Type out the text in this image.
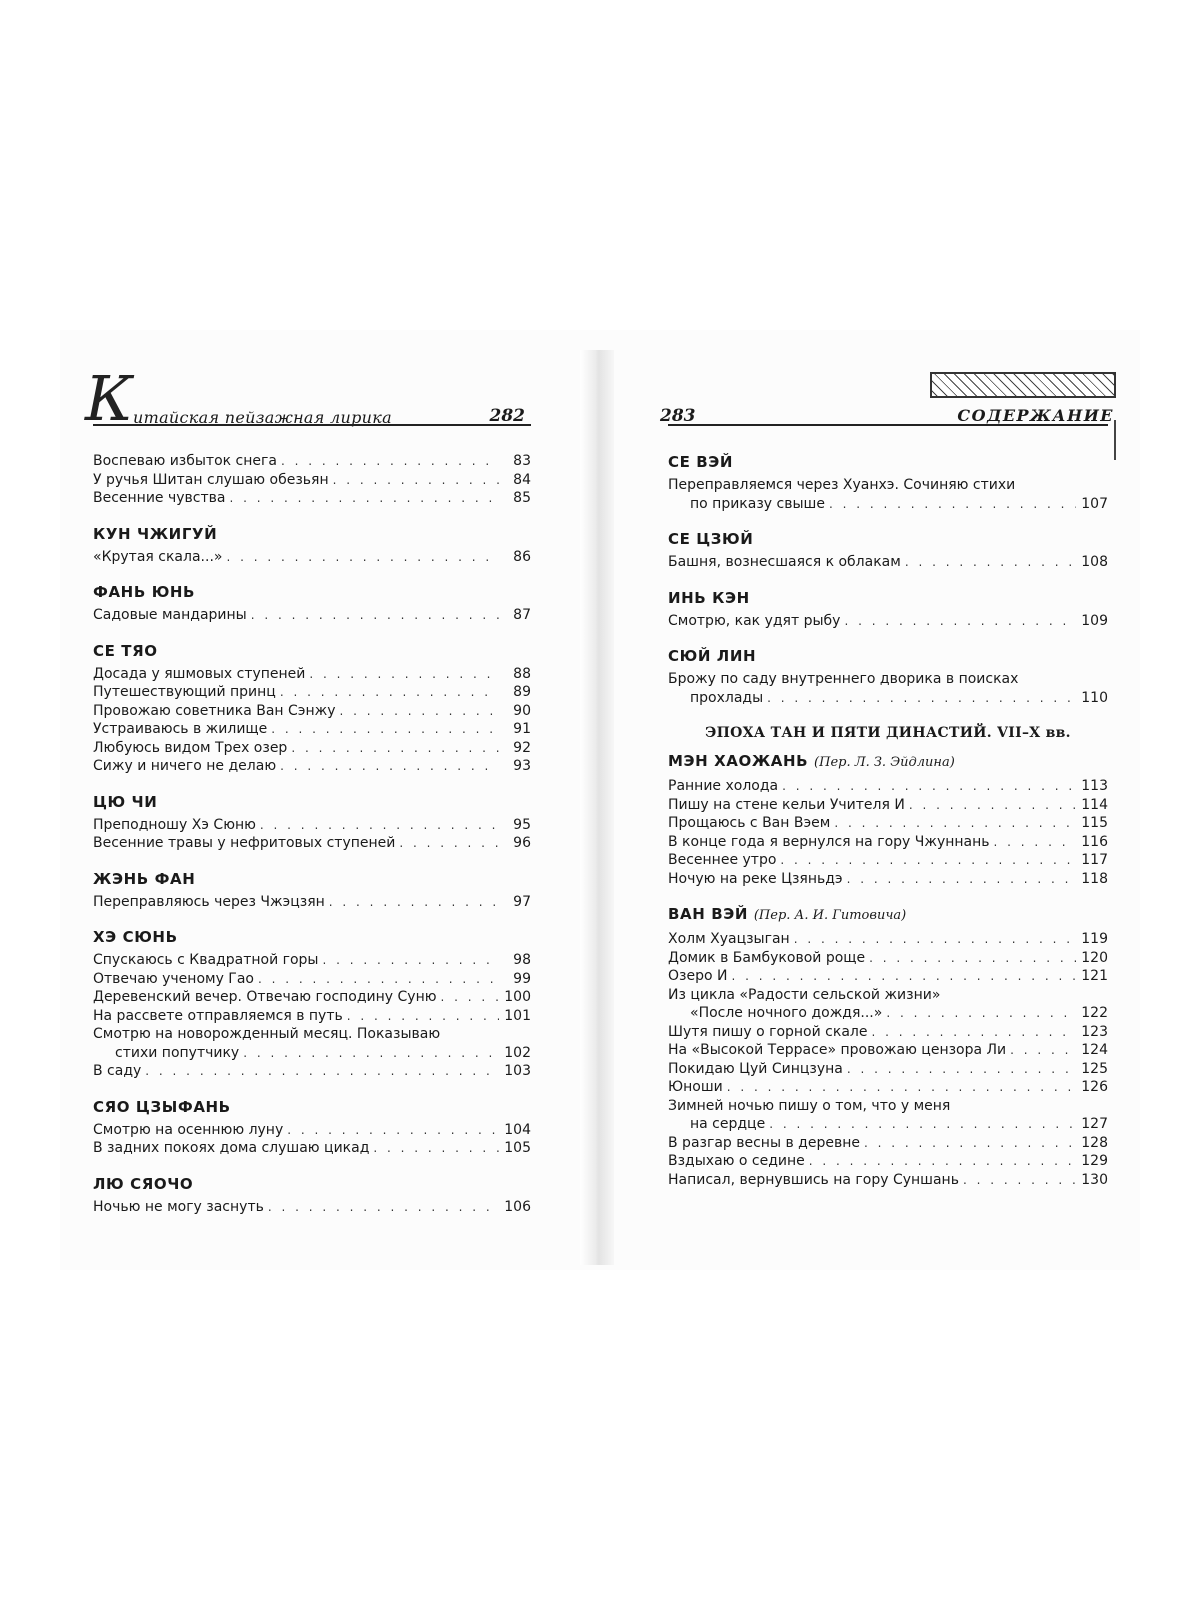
К итайская пейзажная лирика	282
Воспеваю избыток снега . . .	83
У ручья Шитан слушаю обезьян . . .	84
Весенние чувства . . .	85
КУН ЧЖИГУЙ
«Крутая скала...» . . .	86
ФАНЬ ЮНЬ
Садовые мандарины . . .	87
СЕ ТЯО
Досада у яшмовых ступеней . . .	88
Путешествующий принц . . .	89
Провожаю советника Ван Сэнжу . . .	90
Устраиваюсь в жилище . . .	91
Любуюсь видом Трех озер . . .	92
Сижу и ничего не делаю . . .	93
ЦЮ ЧИ
Преподношу Хэ Сюню . . .	95
Весенние травы у нефритовых ступеней . . .	96
ЖЭНЬ ФАН
Переправляюсь через Чжэцзян . . .	97
ХЭ СЮНЬ
Спускаюсь с Квадратной горы . . .	98
Отвечаю ученому Гао . . .	99
Деревенский вечер. Отвечаю господину Суню . . .	100
На рассвете отправляемся в путь . . .	101
Смотрю на новорожденный месяц. Показываю
стихи попутчику . . .	102
В саду . . .	103
СЯО ЦЗЫФАНЬ
Смотрю на осеннюю луну . . .	104
В задних покоях дома слушаю цикад . . .	105
ЛЮ СЯОЧО
Ночью не могу заснуть . . .	106
283	СОДЕРЖАНИЕ
СЕ ВЭЙ
Переправляемся через Хуанхэ. Сочиняю стихи
по приказу свыше . . .	107
СЕ ЦЗЮЙ
Башня, вознесшаяся к облакам . . .	108
ИНЬ КЭН
Смотрю, как удят рыбу . . .	109
СЮЙ ЛИН
Брожу по саду внутреннего дворика в поисках
прохлады . . .	110
ЭПОХА ТАН И ПЯТИ ДИНАСТИЙ. VII–X вв.
МЭН ХАОЖАНЬ (Пер. Л. З. Эйдлина)
Ранние холода . . .	113
Пишу на стене кельи Учителя И . . .	114
Прощаюсь с Ван Вэем . . .	115
В конце года я вернулся на гору Чжуннань . . .	116
Весеннее утро . . .	117
Ночую на реке Цзяньдэ . . .	118
ВАН ВЭЙ (Пер. А. И. Гитовича)
Холм Хуацзыган . . .	119
Домик в Бамбуковой роще . . .	120
Озеро И . . .	121
Из цикла «Радости сельской жизни»
«После ночного дождя...» . . .	122
Шутя пишу о горной скале . . .	123
На «Высокой Террасе» провожаю цензора Ли . . .	124
Покидаю Цуй Синцзуна . . .	125
Юноши . . .	126
Зимней ночью пишу о том, что у меня
на сердце . . .	127
В разгар весны в деревне . . .	128
Вздыхаю о седине . . .	129
Написал, вернувшись на гору Суншань . . .	130
